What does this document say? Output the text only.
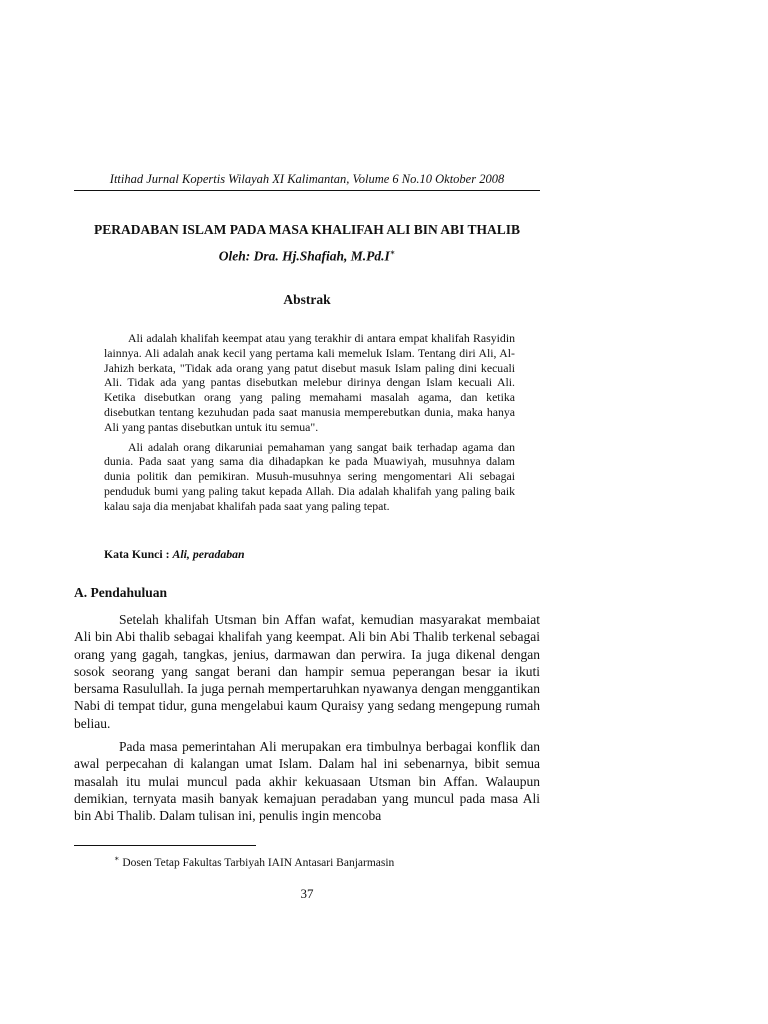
Ittihad Jurnal Kopertis Wilayah XI Kalimantan, Volume 6 No.10 Oktober 2008
PERADABAN ISLAM PADA MASA KHALIFAH ALI BIN ABI THALIB
Oleh: Dra. Hj.Shafiah, M.Pd.I∗
Abstrak

Ali adalah khalifah keempat atau yang terakhir di antara empat khalifah Rasyidin lainnya. Ali adalah anak kecil yang pertama kali memeluk Islam. Tentang diri Ali, Al-Jahizh berkata, "Tidak ada orang yang patut disebut masuk Islam paling dini kecuali Ali. Tidak ada yang pantas disebutkan melebur dirinya dengan Islam kecuali Ali. Ketika disebutkan orang yang paling memahami masalah agama, dan ketika disebutkan tentang kezuhudan pada saat manusia memperebutkan dunia, maka hanya Ali yang pantas disebutkan untuk itu semua".

Ali adalah orang dikaruniai pemahaman yang sangat baik terhadap agama dan dunia. Pada saat yang sama dia dihadapkan ke pada Muawiyah, musuhnya dalam dunia politik dan pemikiran. Musuh-musuhnya sering mengomentari Ali sebagai penduduk bumi yang paling takut kepada Allah. Dia adalah khalifah yang paling baik kalau saja dia menjabat khalifah pada saat yang paling tepat.

Kata Kunci : Ali, peradaban
A. Pendahuluan

Setelah khalifah Utsman bin Affan wafat, kemudian masyarakat membaiat Ali bin Abi thalib sebagai khalifah yang keempat. Ali bin Abi Thalib terkenal sebagai orang yang gagah, tangkas, jenius, darmawan dan perwira. Ia juga dikenal dengan sosok seorang yang sangat berani dan hampir semua peperangan besar ia ikuti bersama Rasulullah. Ia juga pernah mempertaruhkan nyawanya dengan menggantikan Nabi di tempat tidur, guna mengelabui kaum Quraisy yang sedang mengepung rumah beliau.

Pada masa pemerintahan Ali merupakan era timbulnya berbagai konflik dan awal perpecahan di kalangan umat Islam. Dalam hal ini sebenarnya, bibit semua masalah itu mulai muncul pada akhir kekuasaan Utsman bin Affan. Walaupun demikian, ternyata masih banyak kemajuan peradaban yang muncul pada masa Ali bin Abi Thalib. Dalam tulisan ini, penulis ingin mencoba

∗ Dosen Tetap Fakultas Tarbiyah IAIN Antasari Banjarmasin
37
